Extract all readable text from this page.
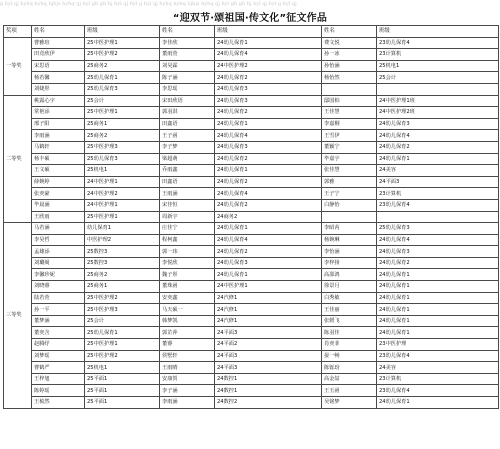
g hyl qj hyhq hyhq bjbjs hyhq qj hyl gh gh hj hyl qj hyl g hyl qj hyhq hyhq bjbjs hyhq qj hyl gh gh hj hyl qj hyl g hyl qj
“迎双节·颂祖国·传文化”征文作品
奖项	姓名	班级	姓名	班级	姓名	班级
一等奖	曹雅瑄	25中医护理1	李佳欣	24幼儿保育1	费文悦	23幼儿保育4
	田竞欣伊	25中医护理2	董雨萱	24幼儿保育4	孙一冰	23计算机
	宋思语	25商务2	刘昊霖	24中医护理2	孙怡涵	25机电1
	杨若馨	25幼儿保育1	陈子涵	24幼儿保育2	杨怡然	25会计
	刘婕彤	25幼儿保育3	李思瑶	24幼儿保育3		
二等奖	桃露心宇	25会计	宋田欣语	24幼儿保育3	邸国柏	24中医护理1班
	常艳添	25中医护理1	郭羽淇	24幼儿保育2	王佳慧	24中医护理2班
	邢子阳	25商务1	田鑫语	24幼儿保育1	李嘉桐	24幼儿保育3
	李雨涵	25商务2	王子函	24幼儿保育4	王雪伊	24幼儿保育4
	马鹤轩	25中医护理3	李子梦	24幼儿保育3	董颖宁	24幼儿保育2
	杨丰硕	25幼儿保育3	梁超萌	24幼儿保育2	毕嘉宇	24幼儿保育1
	王文硕	25机电1	乔雨鑫	24幼儿保育1	张佳慧	24美容
	薛婉婷	24中医护理1	田鑫语	24幼儿保育2	郭雅	24平面3
	张奕豪	24中医护理2	王雨涵	24幼儿保育4	王子宁	23计算机
	毕晨涵	24中医护理1	宋佳恒	24幼儿保育2	白静怡	23幼儿保育4
	王欣雨	25中医护理1	周新宇	24商务2		
三等奖	马若涵	幼儿保育1	庄佳宁	24幼儿保育1	李昭芮	25幼儿保育3
	李昊哲	中医护理2	程柯鑫	24幼儿保育4	杨婉琳	24幼儿保育4
	孟雄添	25数控3	郭一玮	24幼儿保育2	李怡涵	24幼儿保育3
	刘璐阁	25数控3	李悦欣	24幼儿保育3	李梓扬	24幼儿保育2
	李馨珍妮	25商务2	魏子彤	24幼儿保育1	高邵鸿	24幼儿保育1
	刘晓睿	25商务1	董珠函	24中医护理1	徐景月	24幼儿保育1
	陆若萱	25中医护理2	安奕鑫	24汽修1	白秀敏	24幼儿保育1
	孙一平	25中医护理3	马天硕一	24汽修1	王佳丽	24幼儿保育1
	董梦涵	25会计	韩梦凯	24汽修1	张媛飞	24幼儿保育1
	董奕含	25幼儿保育1	郭芷萍	24平面3	陈羽佳	24幼儿保育1
	赵腾纾	25中医护理1	董睿	24平面2	肖奕菲	23中医护理
	刘梦瑶	25中医护理2	侯墅轩	24平面3	晏一畅	23幼儿保育4
	曹鹤严	25机电1	王雨晴	24平面3	陈铄玢	24美容
	王梓旭	25平面1	安康贺	24数控1	高金喆	23计算机
	陈婷瑶	25平面1	李子涵	24数控1	王玉函	23幼儿保育4
	王梳然	25平面1	李雨涵	24数控2	吴铭梦	24幼儿保育1
